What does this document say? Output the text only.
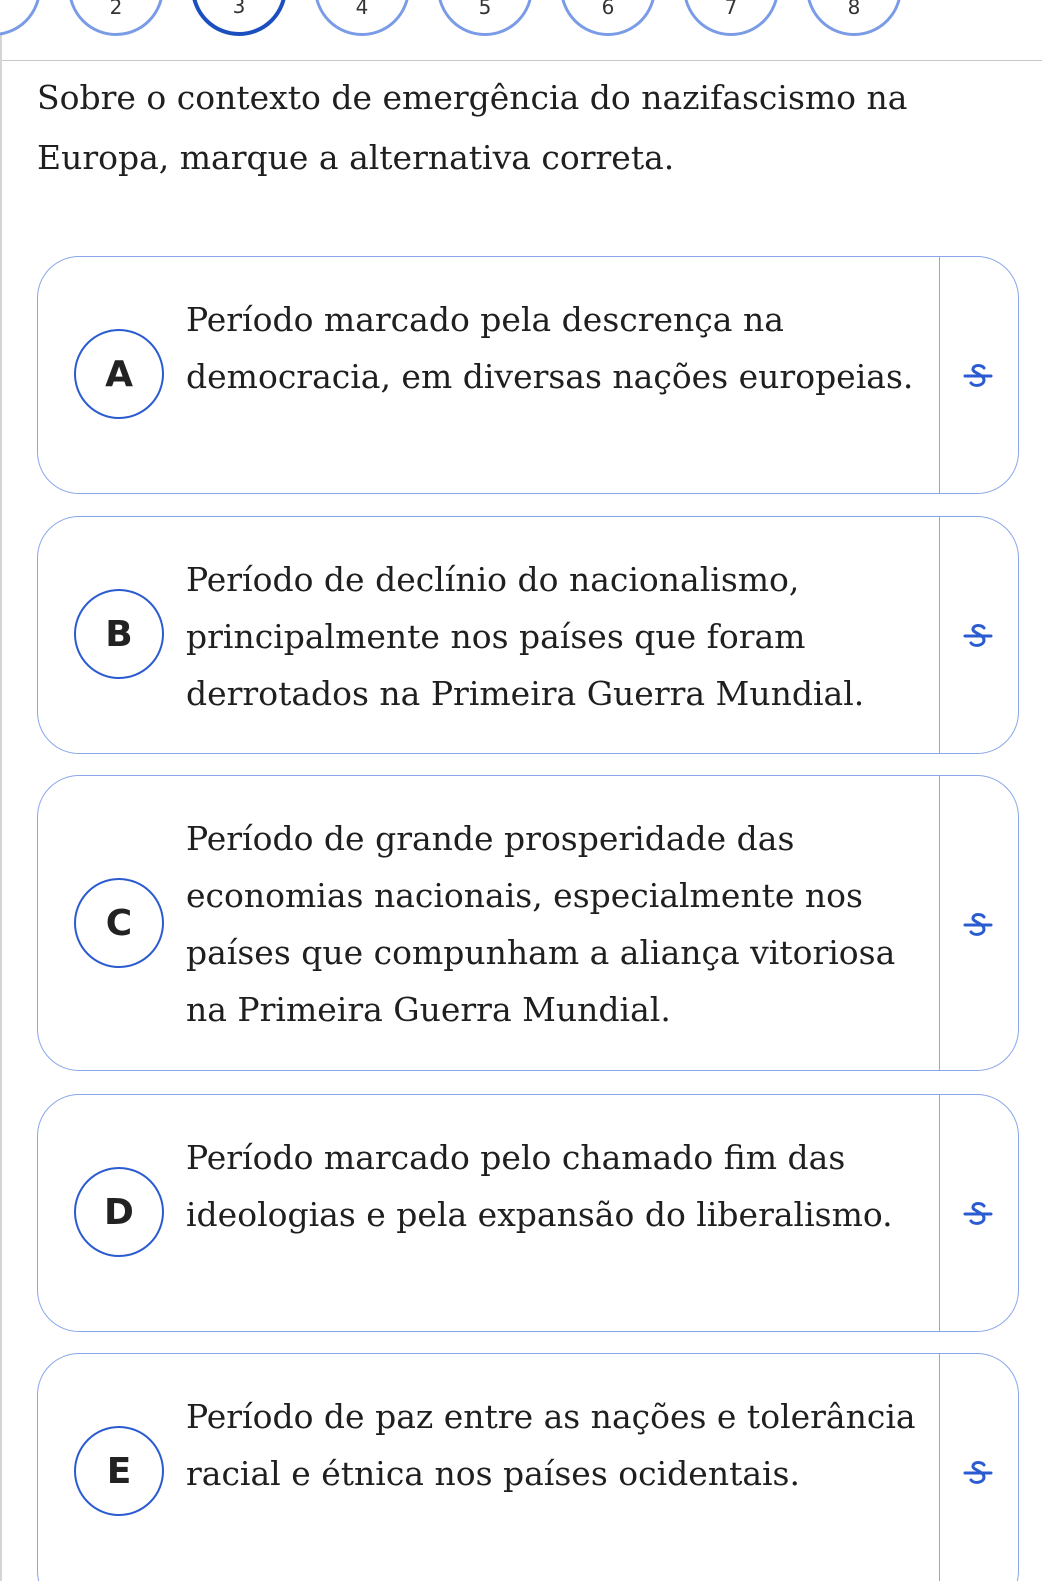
2	3	4	5	6	7	8
Sobre o contexto de emergência do nazifascismo na Europa, marque a alternativa correta.
A
Período marcado pela descrença na democracia, em diversas nações europeias.
B
Período de declínio do nacionalismo, principalmente nos países que foram derrotados na Primeira Guerra Mundial.
C
Período de grande prosperidade das economias nacionais, especialmente nos países que compunham a aliança vitoriosa na Primeira Guerra Mundial.
D
Período marcado pelo chamado fim das ideologias e pela expansão do liberalismo.
E
Período de paz entre as nações e tolerância racial e étnica nos países ocidentais.
